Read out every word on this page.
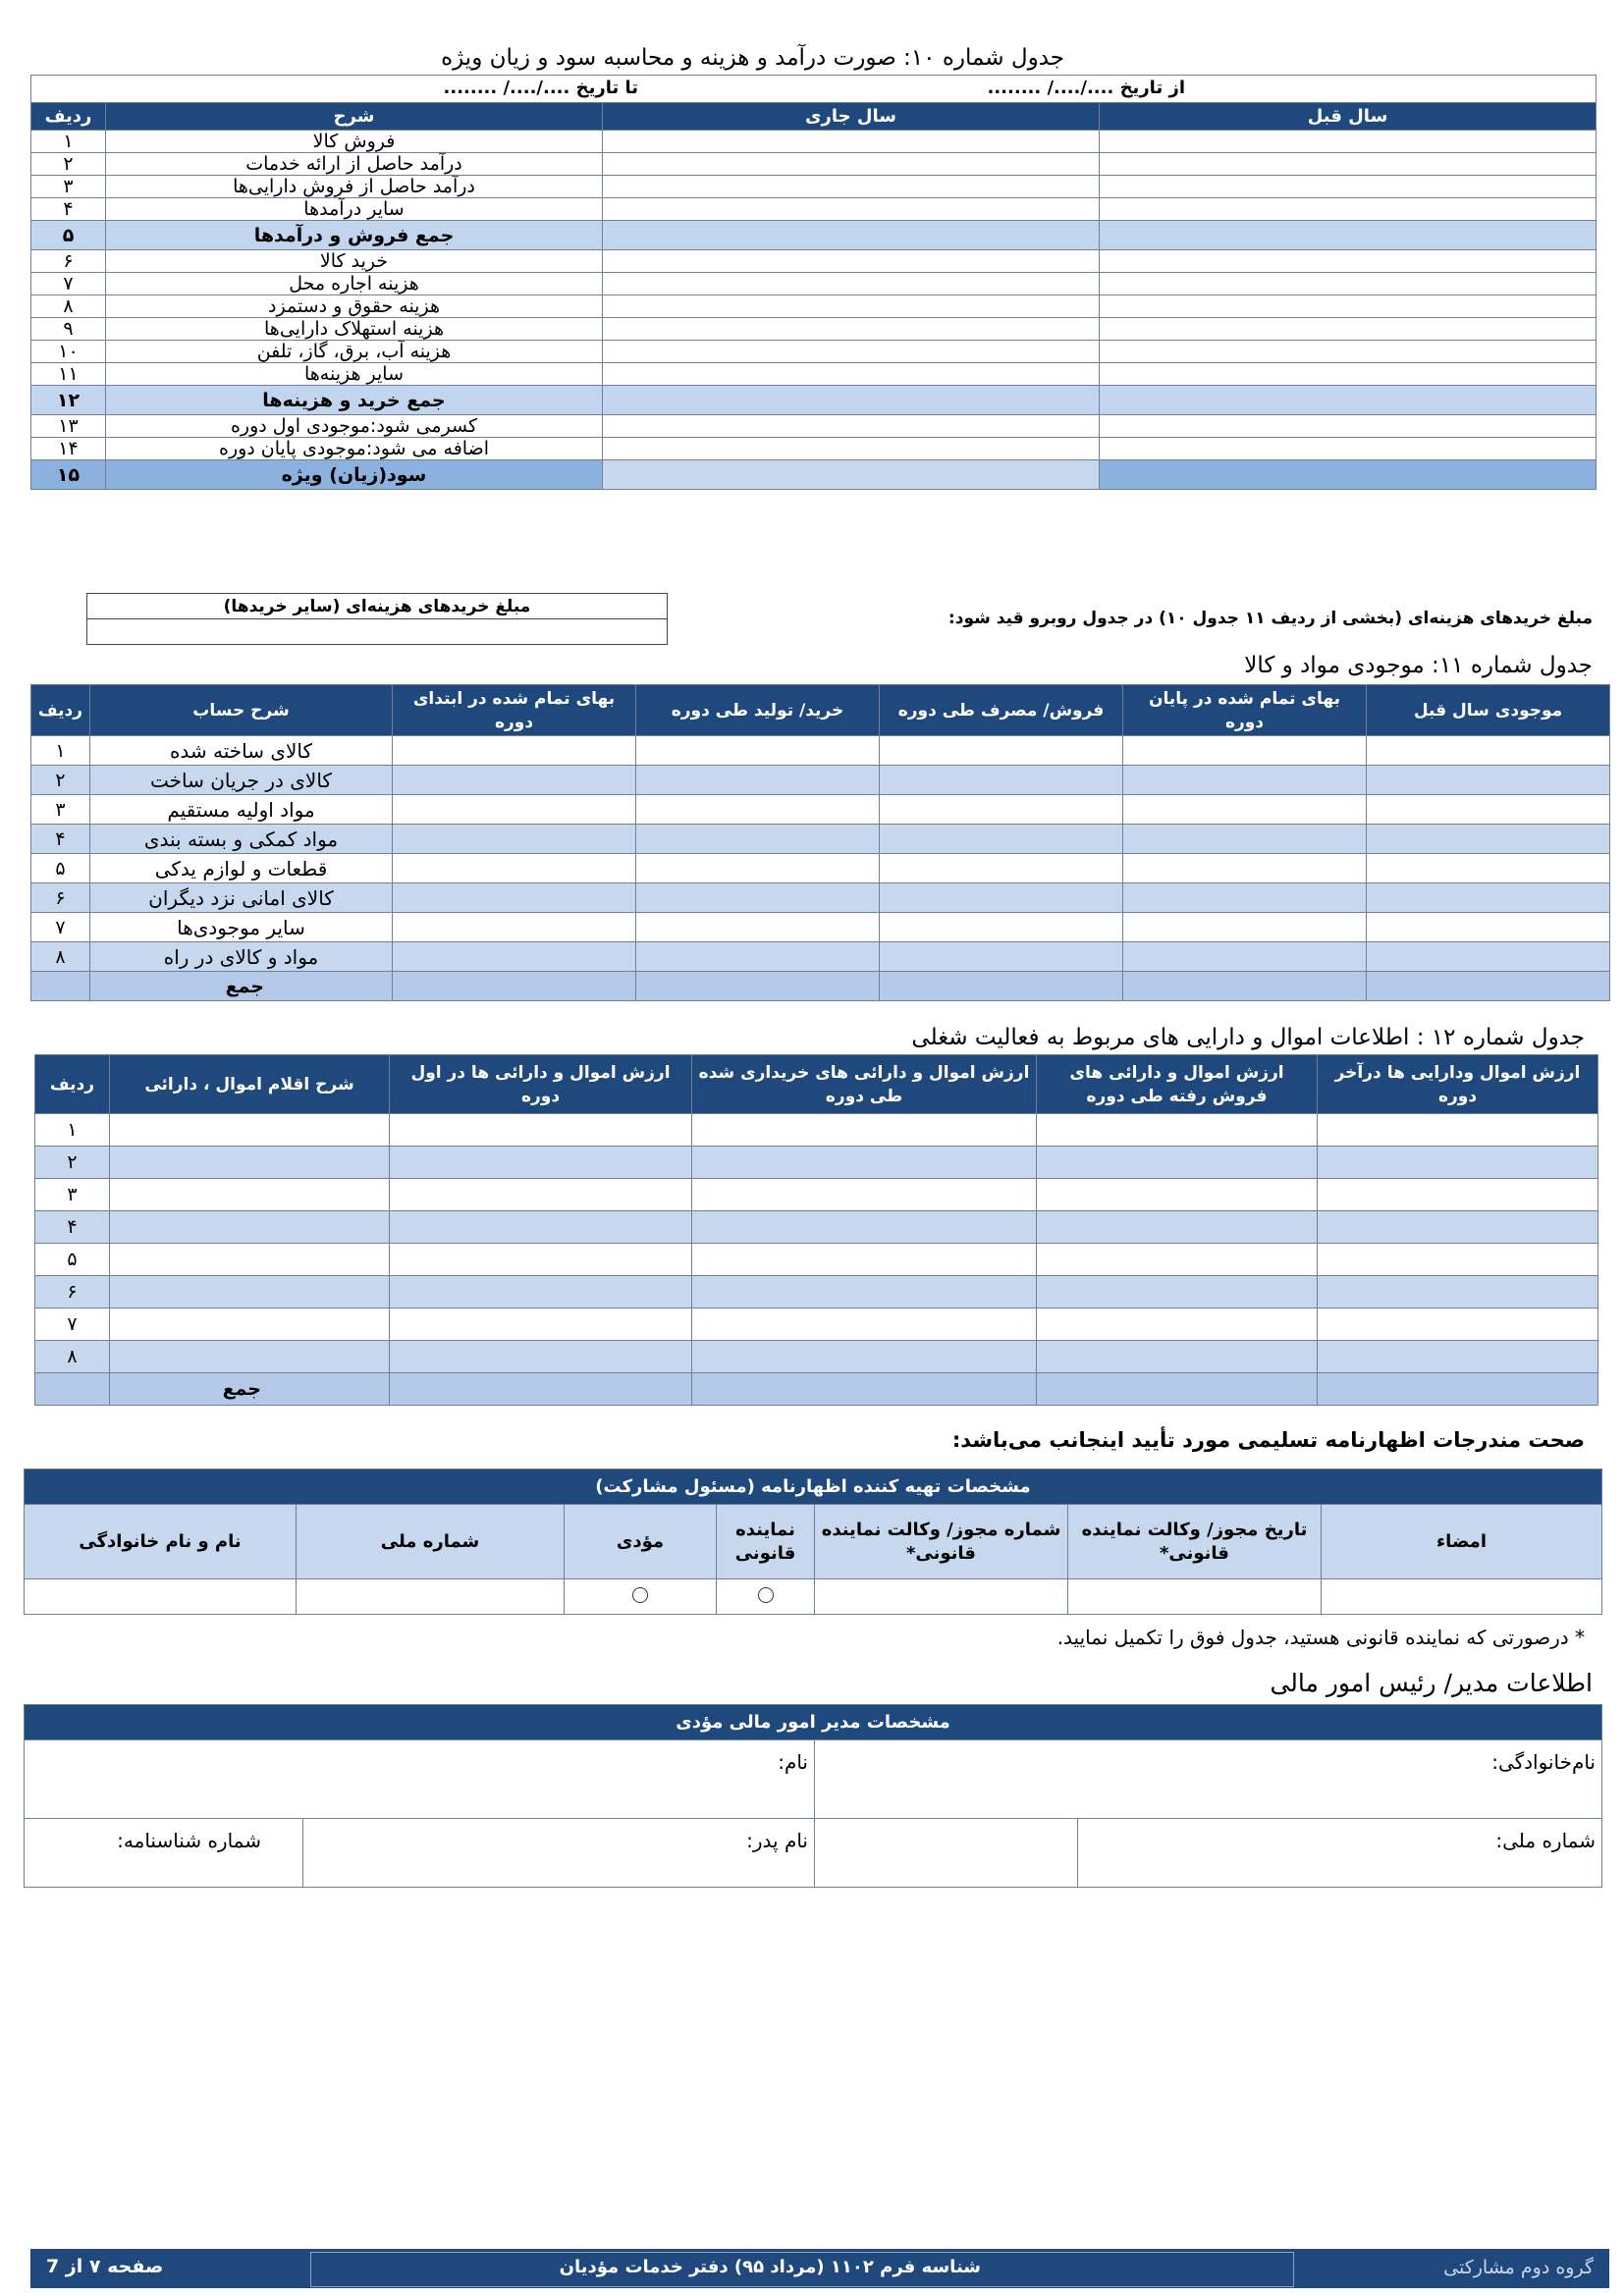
جدول شماره ۱۰: صورت درآمد و هزینه و محاسبه سود و زیان ویژه
از تاریخ ..../..../ ........
تا تاریخ ..../..../ ........			

سال قبل	سال جاری	شرح	ردیف
		فروش کالا	۱
		درآمد حاصل از ارائه خدمات	۲
		درآمد حاصل از فروش دارایی‌ها	۳
		سایر درآمدها	۴
		جمع فروش و درآمدها	۵
		خرید کالا	۶
		هزینه اجاره محل	۷
		هزینه حقوق و دستمزد	۸
		هزینه استهلاک دارایی‌ها	۹
		هزینه آب، برق، گاز، تلفن	۱۰
		سایر هزینه‌ها	۱۱
		جمع خرید و هزینه‌ها	۱۲
		کسرمی شود:موجودی اول دوره	۱۳
		اضافه می شود:موجودی پایان دوره	۱۴
		سود(زیان) ویژه	۱۵
مبلغ خریدهای هزینه‌ای (سایر خریدها)

مبلغ خریدهای هزینه‌ای (بخشی از ردیف ۱۱ جدول ۱۰) در جدول روبرو قید شود:
جدول شماره ۱۱: موجودی مواد و کالا
موجودی سال قبل	بهای تمام شده در پایان دوره	فروش/ مصرف طی دوره	خرید/ تولید طی دوره	بهای تمام شده در ابتدای دوره	شرح حساب	ردیف
					کالای ساخته شده	۱
					کالای در جریان ساخت	۲
					مواد اولیه مستقیم	۳
					مواد کمکی و بسته بندی	۴
					قطعات و لوازم یدکی	۵
					کالای امانی نزد دیگران	۶
					سایر موجودی‌ها	۷
					مواد و کالای در راه	۸
					جمع	
جدول شماره ۱۲ : اطلاعات اموال و دارایی های مربوط به فعالیت شغلی
ارزش اموال ودارایی ها درآخر دوره	ارزش اموال و دارائی های فروش رفته طی دوره	ارزش اموال و دارائی های خریداری شده طی دوره	ارزش اموال و دارائی ها در اول دوره	شرح اقلام اموال ، دارائی	ردیف
					۱
					۲
					۳
					۴
					۵
					۶
					۷
					۸
				جمع	
صحت مندرجات اظهارنامه تسلیمی مورد تأیید اینجانب می‌باشد:
مشخصات تهیه کننده اظهارنامه (مسئول مشارکت)						
امضاء	تاریخ مجوز/ وکالت نماینده قانونی*	شماره مجوز/ وکالت نماینده قانونی*	نماینده قانونی	مؤدی	شماره ملی	نام و نام خانوادگی

* درصورتی که نماینده قانونی هستید، جدول فوق را تکمیل نمایید.
اطلاعات مدیر/ رئیس امور مالی
مشخصات مدیر امور مالی مؤدی		
نام‌خانوادگی:		نام:
شماره ملی:		نام پدر:
شماره شناسنامه:
گروه دوم مشارکتی
شناسه فرم ۱۱۰۲ (مرداد ۹۵) دفتر خدمات مؤدیان
صفحه ۷ از 7
